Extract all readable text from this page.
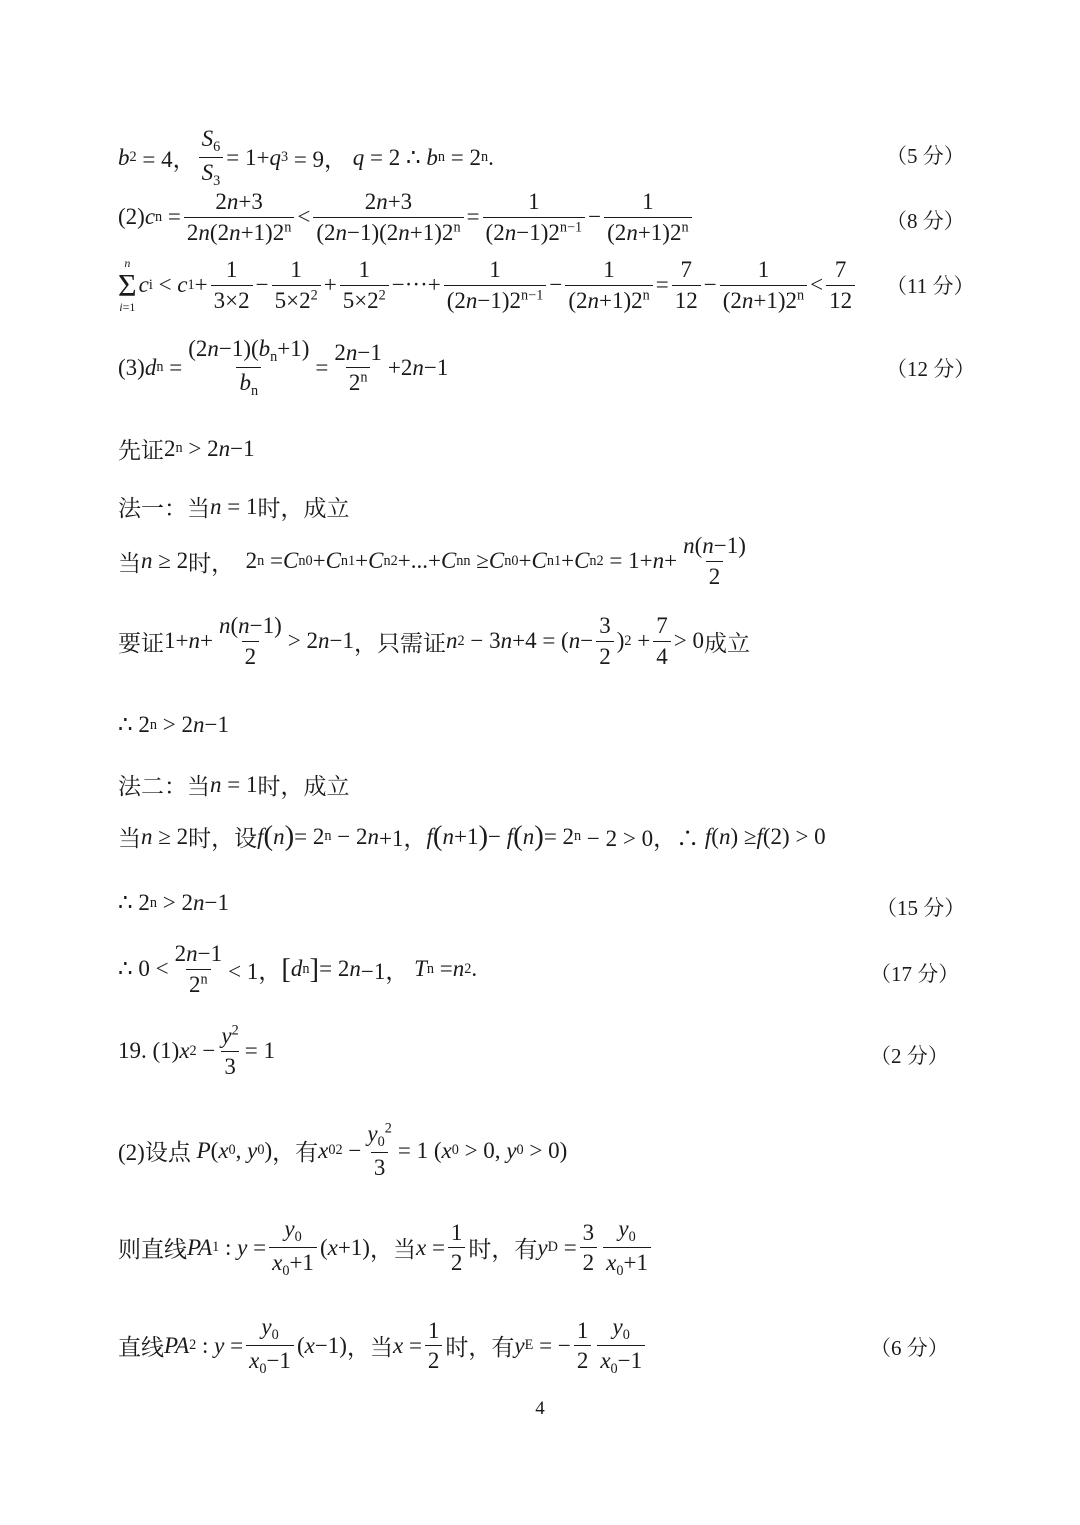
b 2 = 4， $\frac{S_6}{S_3} = 1+ q$ 3 = 9， q = 2 ∴ b n = 2 n .	（5 分）
(2) c $n = \frac{2n+3}{2n(2n+1)2^n} < \frac{2n+3}{(2n-1)(2n+1)2^n} = \frac{1}{(2n-1)2^{n-1}} - \frac{1}{(2n+1)2^n}$	（8 分）
n
Σ
i=1
c i < c $1 + \frac{1}{3\times 2} - \frac{1}{5\times 2^2} + \frac{1}{5\times 2^2}$ −···+ $\frac{1}{(2n-1)2^{n-1}} - \frac{1}{(2n+1)2^n} = \frac{7}{12} - \frac{1}{(2n+1)2^n} < \frac{7}{12} (11$ 分）
(3) d $n = \frac{(2n-1)(b_n+1)}{b_n} = \frac{2n-1}{2^n} +2$ n −1	（12 分）
先证 2 n > 2 n −1
法一：当 n = 1 时，成立
当 n ≥ 2 时， 2 n = C n 0 + C n 1 + C n 2 +...+ C n n ≥ C n 0 + C n 1 + C n $2 = 1+ n + \frac{n(n-1)}{2}$
要证 $1+ n + \frac{n(n-1)}{2} > 2$ n −1 ，只需证 n 2 − 3 n +4 = ( $n - \frac{3}{2}$ ) $2 + \frac{7}{4} > 0$ 成立
∴ 2 n > 2 n −1
法二：当 n = 1 时，成立
当 n ≥ 2 时，设 f ( n ) = 2 n − 2 n +1， f ( n +1 ) − f ( n ) = 2 n − 2 > 0，∴ f ( n ) ≥ f (2) > 0
∴ 2 n > 2 n −1	（15 分）
∴ $0 < \frac{2n-1}{2^n} < 1$， [ d n ] = 2 n −1， T n = n 2 .	（17 分）
19. (1) x $2 - \frac{y^2}{3} = 1$	（2 分）
(2)设点
P ( x 0 , y 0 ) ，有 x 0 $2 - \frac{y_0^2}{3} = 1$ ( x 0 > 0, y 0 > 0)
则直线 PA 1 : $y = \frac{y_0}{x_0+1}$ ( x +1) ，当 $x = \frac{1}{2}$ 时，有 y $D = \frac{3}{2} \frac{y_0}{x_0+1}$
直线 PA 2 : $y = \frac{y_0}{x_0-1}$ ( x −1) ，当 $x = \frac{1}{2}$ 时，有 y E = − $\frac{1}{2} \frac{y_0}{x_0-1}$	（6 分）
4
